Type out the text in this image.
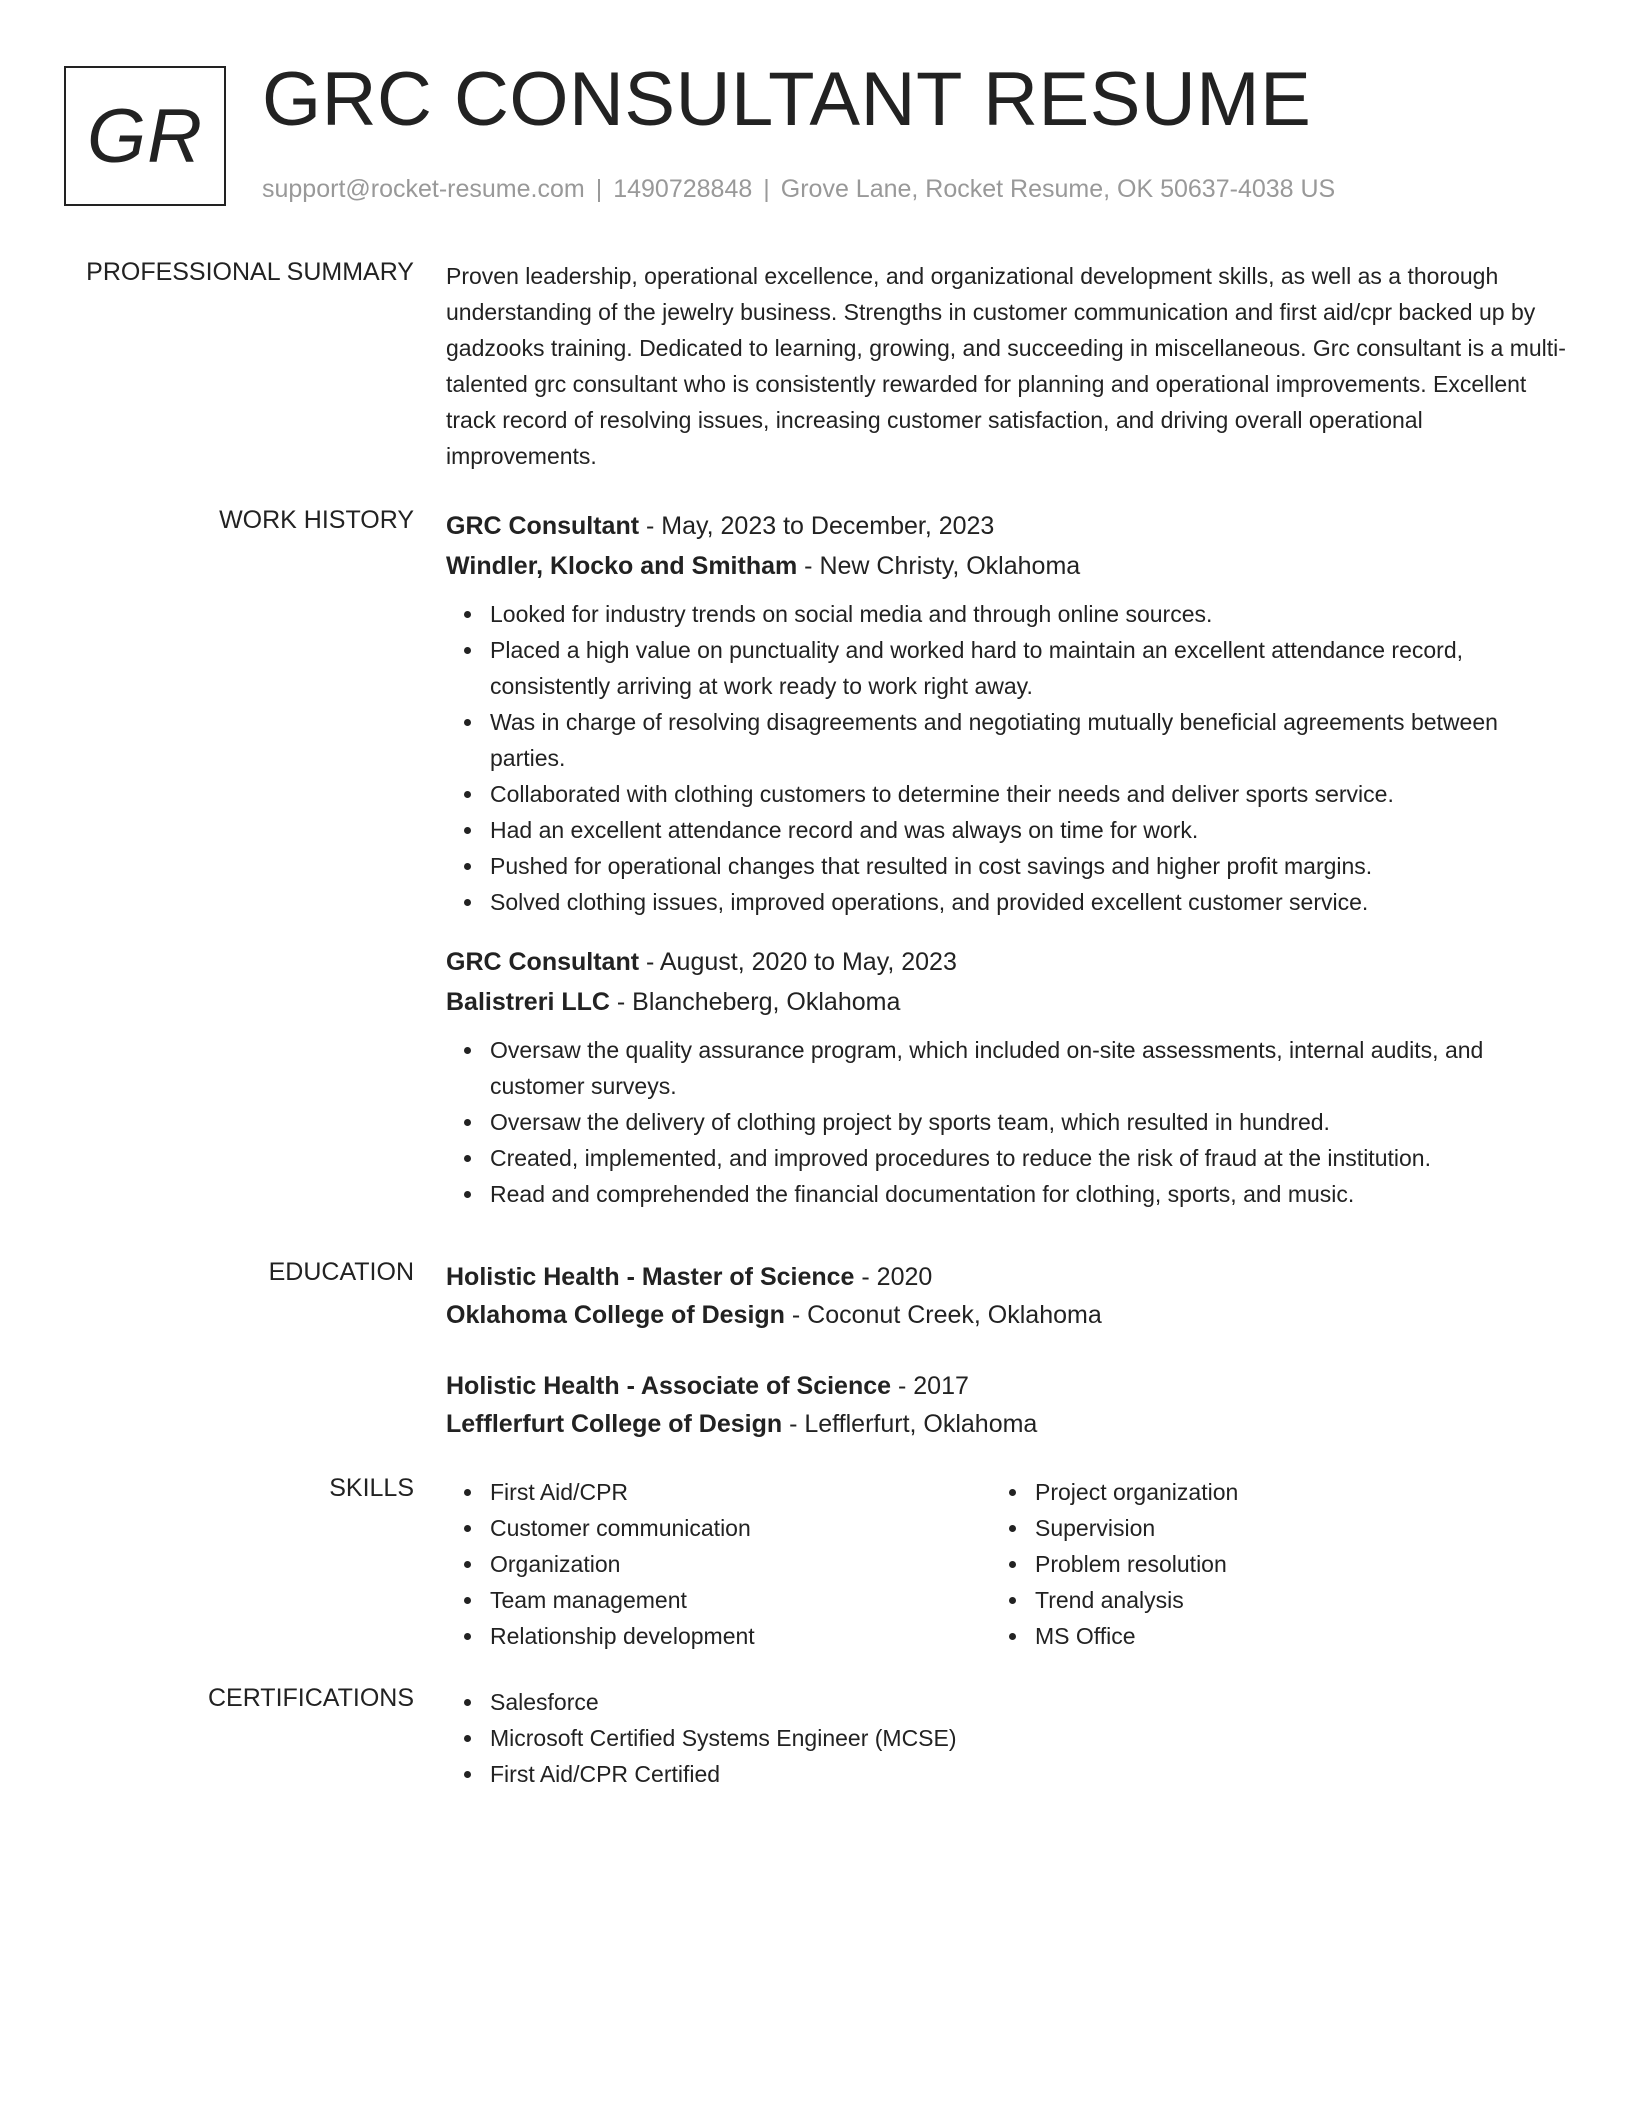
GR GRC CONSULTANT RESUME
support@rocket-resume.com | 1490728848 | Grove Lane, Rocket Resume, OK 50637-4038 US
PROFESSIONAL SUMMARY Proven leadership, operational excellence, and organizational development skills, as well as a thorough understanding of the jewelry business. Strengths in customer communication and first aid/cpr backed up by gadzooks training. Dedicated to learning, growing, and succeeding in miscellaneous. Grc consultant is a multi-talented grc consultant who is consistently rewarded for planning and operational improvements. Excellent track record of resolving issues, increasing customer satisfaction, and driving overall operational improvements.

WORK HISTORY GRC Consultant - May, 2023 to December, 2023
Windler, Klocko and Smitham - New Christy, Oklahoma
Looked for industry trends on social media and through online sources.
Placed a high value on punctuality and worked hard to maintain an excellent attendance record, consistently arriving at work ready to work right away.
Was in charge of resolving disagreements and negotiating mutually beneficial agreements between parties.
Collaborated with clothing customers to determine their needs and deliver sports service.
Had an excellent attendance record and was always on time for work.
Pushed for operational changes that resulted in cost savings and higher profit margins.
Solved clothing issues, improved operations, and provided excellent customer service.
GRC Consultant - August, 2020 to May, 2023
Balistreri LLC - Blancheberg, Oklahoma
Oversaw the quality assurance program, which included on-site assessments, internal audits, and customer surveys.
Oversaw the delivery of clothing project by sports team, which resulted in hundred.
Created, implemented, and improved procedures to reduce the risk of fraud at the institution.
Read and comprehended the financial documentation for clothing, sports, and music.
EDUCATION Holistic Health - Master of Science - 2020
Oklahoma College of Design - Coconut Creek, Oklahoma
Holistic Health - Associate of Science - 2017
Lefflerfurt College of Design - Lefflerfurt, Oklahoma
SKILLS	First Aid/CPR
Customer communication
Organization
Team management
Relationship development
Project organization
Supervision
Problem resolution
Trend analysis
MS Office
CERTIFICATIONS	Salesforce
Microsoft Certified Systems Engineer (MCSE)
First Aid/CPR Certified
